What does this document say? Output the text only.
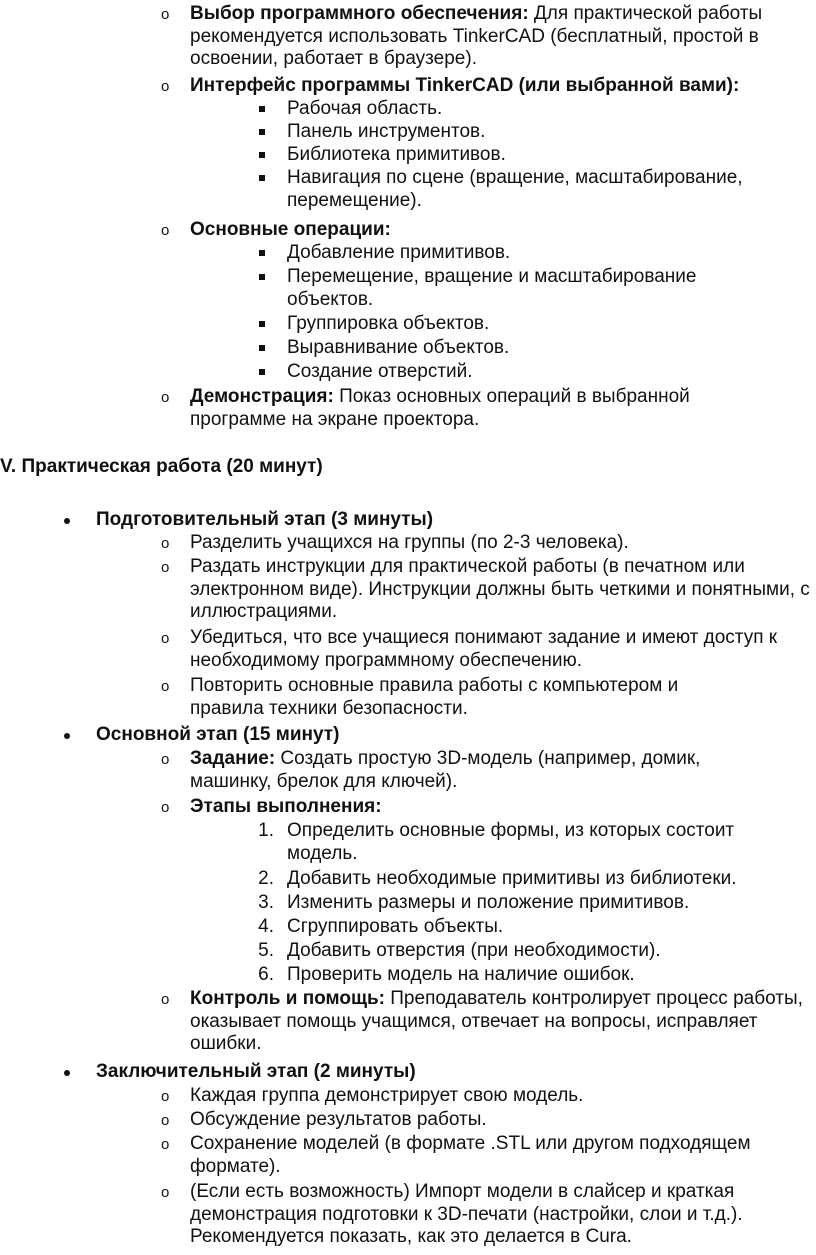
o Выбор программного обеспечения: Для практической работы рекомендуется использовать TinkerCAD (бесплатный, простой в освоении, работает в браузере).
o Интерфейс программы TinkerCAD (или выбранной вами):
Рабочая область.
Панель инструментов.
Библиотека примитивов.
Навигация по сцене (вращение, масштабирование, перемещение).
o Основные операции:
Добавление примитивов.
Перемещение, вращение и масштабирование объектов.
Группировка объектов.
Выравнивание объектов.
Создание отверстий.
o Демонстрация: Показ основных операций в выбранной программе на экране проектора.
V. Практическая работа (20 минут)
Подготовительный этап (3 минуты)
o Разделить учащихся на группы (по 2-3 человека).
o Раздать инструкции для практической работы (в печатном или электронном виде). Инструкции должны быть четкими и понятными, с иллюстрациями.
o Убедиться, что все учащиеся понимают задание и имеют доступ к необходимому программному обеспечению.
o Повторить основные правила работы с компьютером и правила техники безопасности.
Основной этап (15 минут)
o Задание: Создать простую 3D-модель (например, домик, машинку, брелок для ключей).
o Этапы выполнения:
1. Определить основные формы, из которых состоит модель.
2. Добавить необходимые примитивы из библиотеки.
3. Изменить размеры и положение примитивов.
4. Сгруппировать объекты.
5. Добавить отверстия (при необходимости).
6. Проверить модель на наличие ошибок.
o Контроль и помощь: Преподаватель контролирует процесс работы, оказывает помощь учащимся, отвечает на вопросы, исправляет ошибки.
Заключительный этап (2 минуты)
o Каждая группа демонстрирует свою модель.
o Обсуждение результатов работы.
o Сохранение моделей (в формате .STL или другом подходящем формате).
o (Если есть возможность) Импорт модели в слайсер и краткая демонстрация подготовки к 3D-печати (настройки, слои и т.д.). Рекомендуется показать, как это делается в Cura.
